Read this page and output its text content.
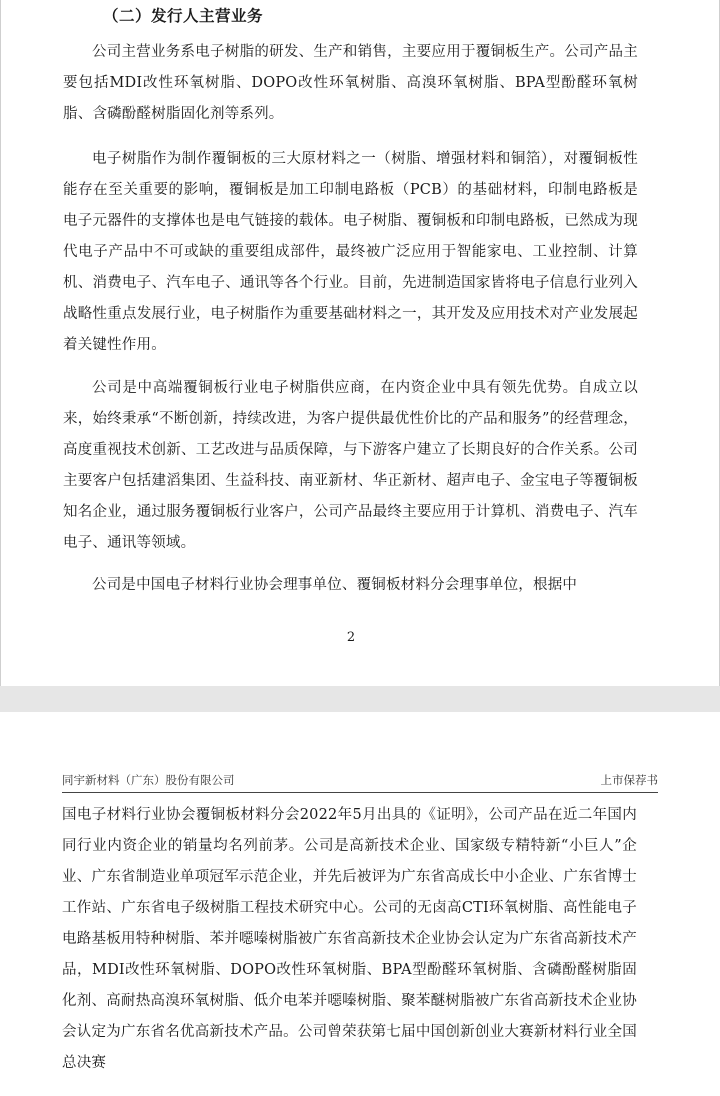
（二）发行人主营业务

公司主营业务系电子树脂的研发、生产和销售，主要应用于覆铜板生产。公司产品主要包括MDI改性环氧树脂、DOPO改性环氧树脂、高溴环氧树脂、BPA型酚醛环氧树脂、含磷酚醛树脂固化剂等系列。

电子树脂作为制作覆铜板的三大原材料之一（树脂、增强材料和铜箔），对覆铜板性能存在至关重要的影响，覆铜板是加工印制电路板（PCB）的基础材料，印制电路板是电子元器件的支撑体也是电气链接的载体。电子树脂、覆铜板和印制电路板，已然成为现代电子产品中不可或缺的重要组成部件，最终被广泛应用于智能家电、工业控制、计算机、消费电子、汽车电子、通讯等各个行业。目前，先进制造国家皆将电子信息行业列入战略性重点发展行业，电子树脂作为重要基础材料之一，其开发及应用技术对产业发展起着关键性作用。

公司是中高端覆铜板行业电子树脂供应商，在内资企业中具有领先优势。自成立以来，始终秉承“不断创新，持续改进，为客户提供最优性价比的产品和服务”的经营理念，高度重视技术创新、工艺改进与品质保障，与下游客户建立了长期良好的合作关系。公司主要客户包括建滔集团、生益科技、南亚新材、华正新材、超声电子、金宝电子等覆铜板知名企业，通过服务覆铜板行业客户，公司产品最终主要应用于计算机、消费电子、汽车电子、通讯等领域。

公司是中国电子材料行业协会理事单位、覆铜板材料分会理事单位，根据中

2
同宇新材料（广东）股份有限公司	上市保荐书

国电子材料行业协会覆铜板材料分会2022年5月出具的《证明》，公司产品在近二年国内同行业内资企业的销量均名列前茅。公司是高新技术企业、国家级专精特新“小巨人”企业、广东省制造业单项冠军示范企业，并先后被评为广东省高成长中小企业、广东省博士工作站、广东省电子级树脂工程技术研究中心。公司的无卤高CTI环氧树脂、高性能电子电路基板用特种树脂、苯并噁嗪树脂被广东省高新技术企业协会认定为广东省高新技术产品，MDI改性环氧树脂、DOPO改性环氧树脂、BPA型酚醛环氧树脂、含磷酚醛树脂固化剂、高耐热高溴环氧树脂、低介电苯并噁嗪树脂、聚苯醚树脂被广东省高新技术企业协会认定为广东省名优高新技术产品。公司曾荣获第七届中国创新创业大赛新材料行业全国总决赛
